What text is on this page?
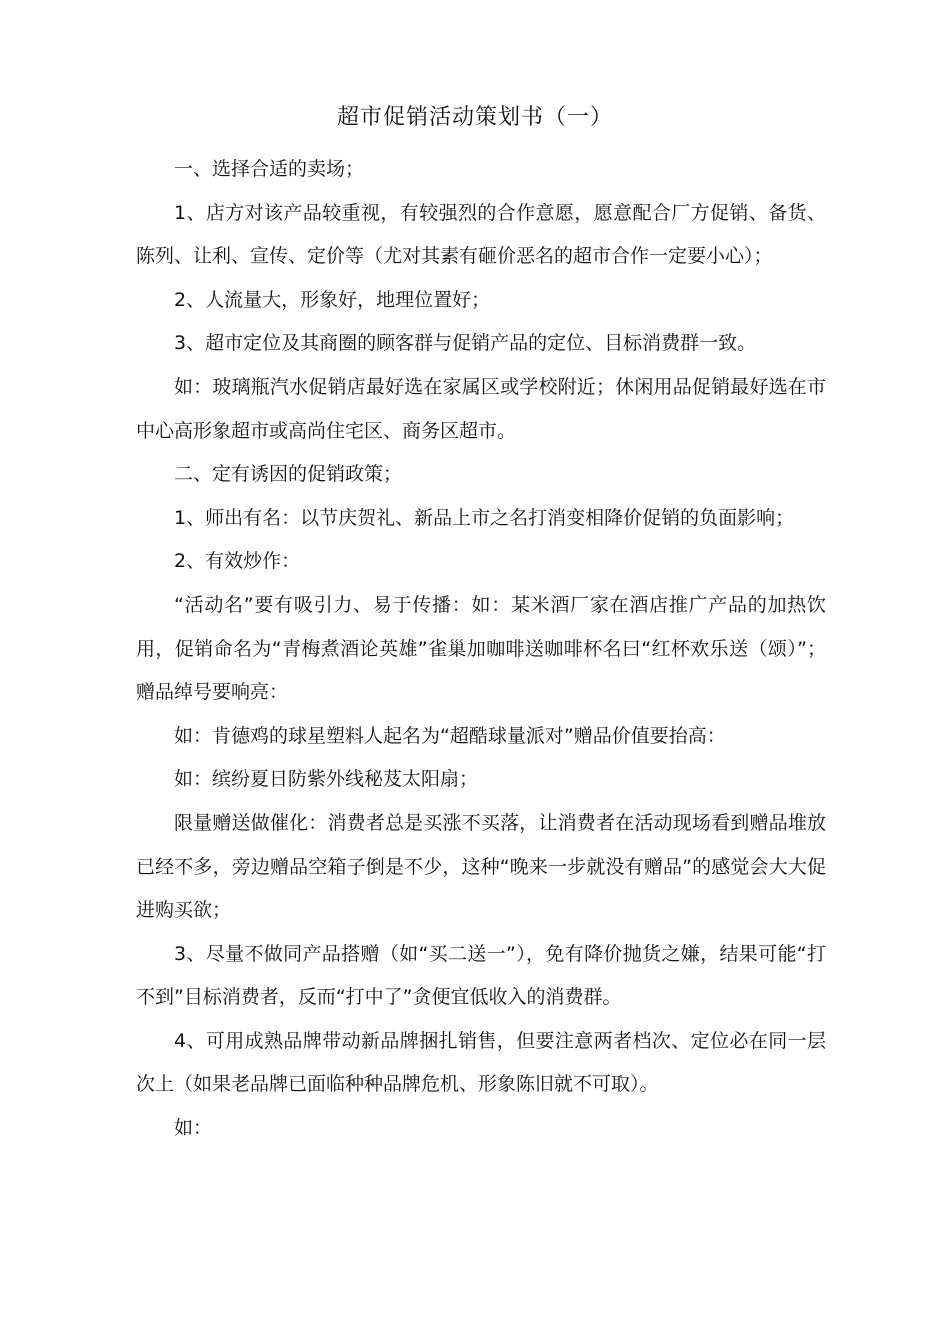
超市促销活动策划书（一）

一、选择合适的卖场；

1、店方对该产品较重视，有较强烈的合作意愿，愿意配合厂方促销、备货、陈列、让利、宣传、定价等（尤对其素有砸价恶名的超市合作一定要小心）；

2、人流量大，形象好，地理位置好；

3、超市定位及其商圈的顾客群与促销产品的定位、目标消费群一致。

如：玻璃瓶汽水促销店最好选在家属区或学校附近；休闲用品促销最好选在市中心高形象超市或高尚住宅区、商务区超市。

二、定有诱因的促销政策；

1、师出有名：以节庆贺礼、新品上市之名打消变相降价促销的负面影响；

2、有效炒作：

“活动名”要有吸引力、易于传播：如：某米酒厂家在酒店推广产品的加热饮用，促销命名为“青梅煮酒论英雄”雀巢加咖啡送咖啡杯名曰“红杯欢乐送（颂）”；赠品绰号要响亮：

如：肯德鸡的球星塑料人起名为“超酷球量派对”赠品价值要抬高：

如：缤纷夏日防紫外线秘芨太阳扇；

限量赠送做催化：消费者总是买涨不买落，让消费者在活动现场看到赠品堆放已经不多，旁边赠品空箱子倒是不少，这种“晚来一步就没有赠品”的感觉会大大促进购买欲；

3、尽量不做同产品搭赠（如“买二送一”），免有降价抛货之嫌，结果可能“打不到”目标消费者，反而“打中了”贪便宜低收入的消费群。

4、可用成熟品牌带动新品牌捆扎销售，但要注意两者档次、定位必在同一层次上（如果老品牌已面临种种品牌危机、形象陈旧就不可取）。

如：
